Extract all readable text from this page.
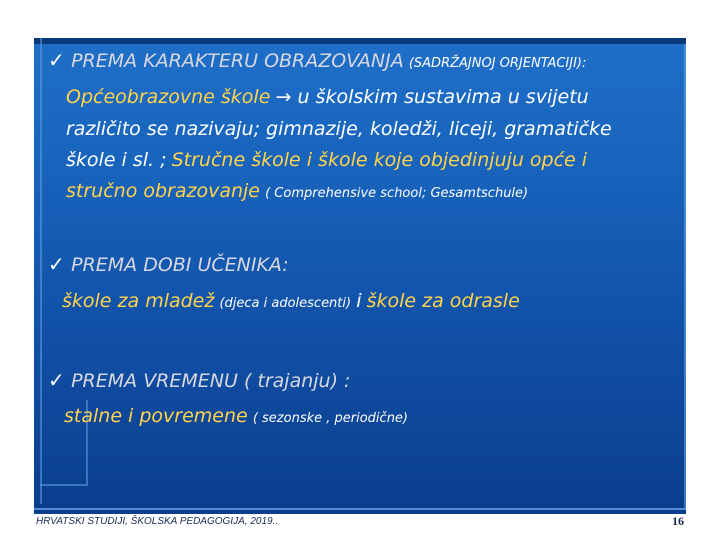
✓ PREMA KARAKTERU OBRAZOVANJA (SADRŽAJNOJ ORJENTACIJI):
Općeobrazovne škole → u školskim sustavima u svijetu
različito se nazivaju; gimnazije, koledži, liceji, gramatičke
škole i sl. ; Stručne škole i škole koje objedinjuju opće i
stručno obrazovanje ( Comprehensive school; Gesamtschule)
✓ PREMA DOBI UČENIKA:
škole za mladež (djeca i adolescenti) i škole za odrasle
✓ PREMA VREMENU ( trajanju) :
stalne i povremene ( sezonske , periodične)
HRVATSKI STUDIJI, ŠKOLSKA PEDAGOGIJA, 2019..	16
